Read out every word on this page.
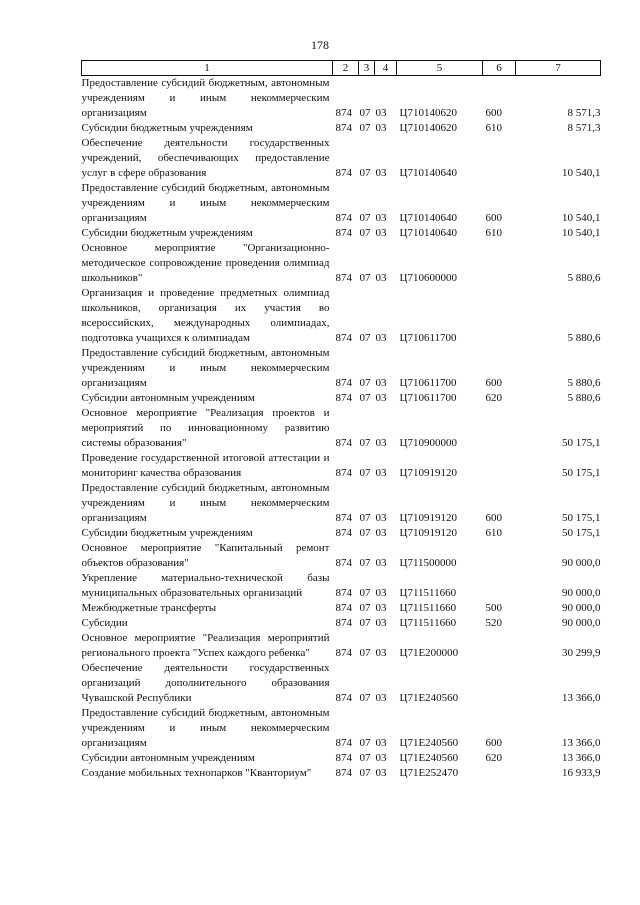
178
1	2	3	4	5	6	7
Предоставление субсидий бюджетным, автономным учреждениям и иным некоммерческим организациям	874	07	03	Ц710140620	600	8 571,3
Субсидии бюджетным учреждениям	874	07	03	Ц710140620	610	8 571,3
Обеспечение деятельности государственных учреждений, обеспечивающих предоставление услуг в сфере образования	874	07	03	Ц710140640		10 540,1
Предоставление субсидий бюджетным, автономным учреждениям и иным некоммерческим организациям	874	07	03	Ц710140640	600	10 540,1
Субсидии бюджетным учреждениям	874	07	03	Ц710140640	610	10 540,1
Основное мероприятие "Организационно-методическое сопровождение проведения олимпиад школьников"	874	07	03	Ц710600000		5 880,6
Организация и проведение предметных олимпиад школьников, организация их участия во всероссийских, международных олимпиадах, подготовка учащихся к олимпиадам	874	07	03	Ц710611700		5 880,6
Предоставление субсидий бюджетным, автономным учреждениям и иным некоммерческим организациям	874	07	03	Ц710611700	600	5 880,6
Субсидии автономным учреждениям	874	07	03	Ц710611700	620	5 880,6
Основное мероприятие "Реализация проектов и мероприятий по инновационному развитию системы образования"	874	07	03	Ц710900000		50 175,1
Проведение государственной итоговой аттестации и мониторинг качества образования	874	07	03	Ц710919120		50 175,1
Предоставление субсидий бюджетным, автономным учреждениям и иным некоммерческим организациям	874	07	03	Ц710919120	600	50 175,1
Субсидии бюджетным учреждениям	874	07	03	Ц710919120	610	50 175,1
Основное мероприятие "Капитальный ремонт объектов образования"	874	07	03	Ц711500000		90 000,0
Укрепление материально-технической базы муниципальных образовательных организаций	874	07	03	Ц711511660		90 000,0
Межбюджетные трансферты	874	07	03	Ц711511660	500	90 000,0
Субсидии	874	07	03	Ц711511660	520	90 000,0
Основное мероприятие "Реализация мероприятий регионального проекта "Успех каждого ребенка"	874	07	03	Ц71Е200000		30 299,9
Обеспечение деятельности государственных организаций дополнительного образования Чувашской Республики	874	07	03	Ц71Е240560		13 366,0
Предоставление субсидий бюджетным, автономным учреждениям и иным некоммерческим организациям	874	07	03	Ц71Е240560	600	13 366,0
Субсидии автономным учреждениям	874	07	03	Ц71Е240560	620	13 366,0
Создание мобильных технопарков "Кванториум"	874	07	03	Ц71Е252470		16 933,9
